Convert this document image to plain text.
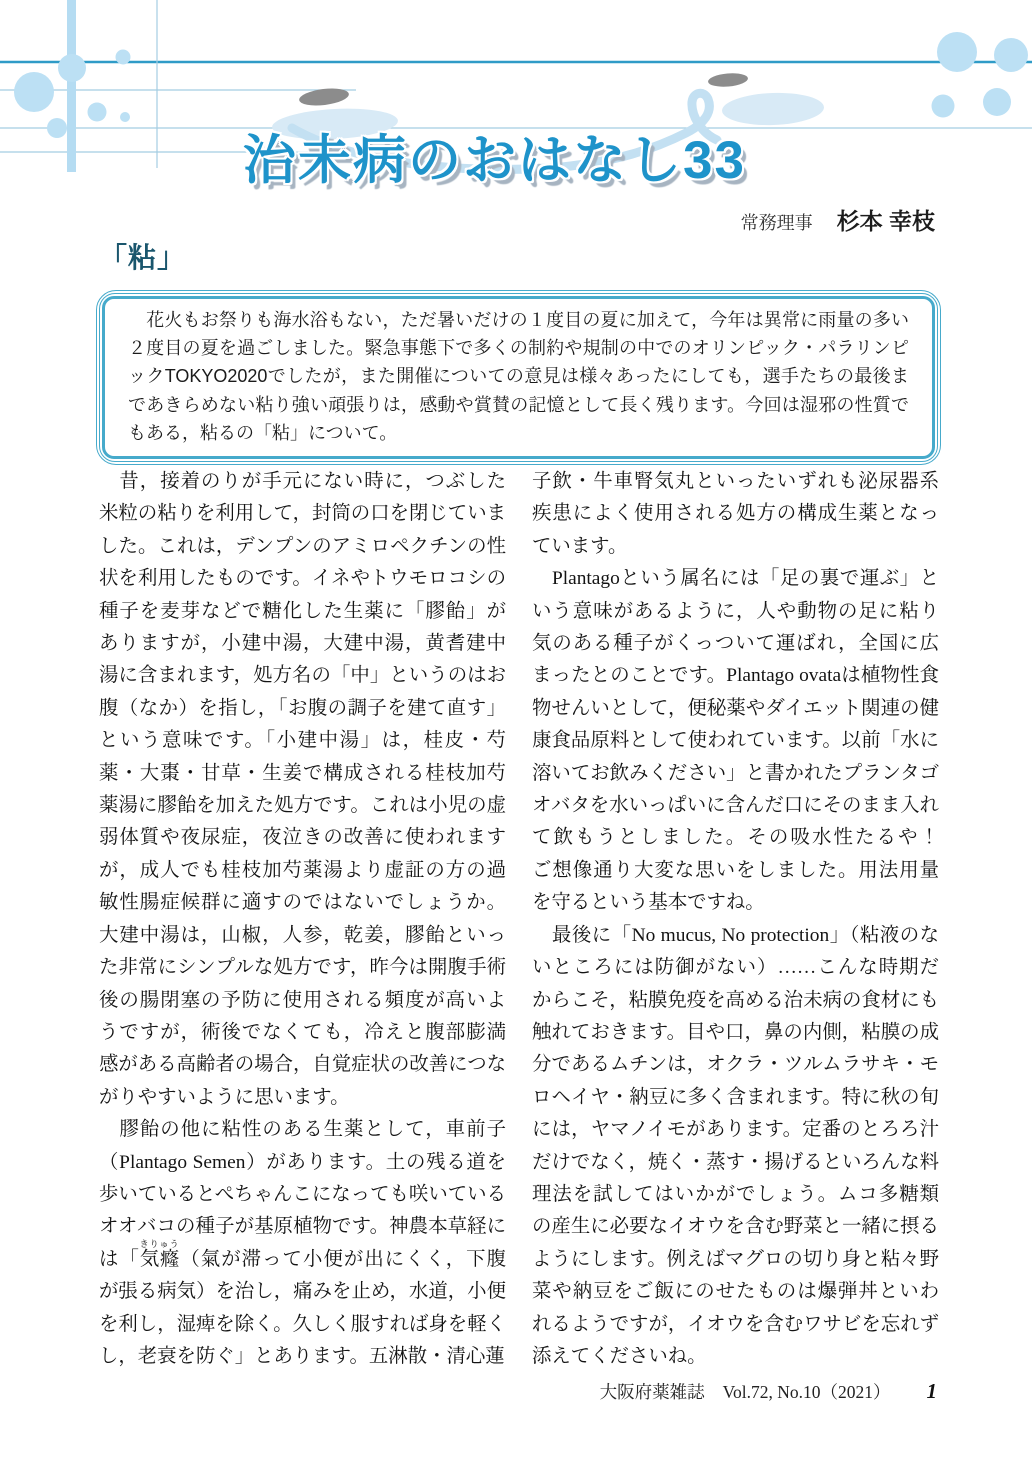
治未病のおはなし33
常務理事 杉本 幸枝
「粘」

　花火もお祭りも海水浴もない，ただ暑いだけの１度目の夏に加えて，今年は異常に雨量の多い２度目の夏を過ごしました。緊急事態下で多くの制約や規制の中でのオリンピック・パラリンピックTOKYO2020でしたが，また開催についての意見は様々あったにしても，選手たちの最後まであきらめない粘り強い頑張りは，感動や賞賛の記憶として長く残ります。今回は湿邪の性質でもある，粘るの「粘」について。

　昔，接着のりが手元にない時に，つぶした米粒の粘りを利用して，封筒の口を閉じていました。これは，デンプンのアミロペクチンの性状を利用したものです。イネやトウモロコシの種子を麦芽などで糖化した生薬に「膠飴」がありますが，小建中湯，大建中湯，黄耆建中湯に含まれます，処方名の「中」というのはお腹（なか）を指し，「お腹の調子を建て直す」という意味です。「小建中湯」は，桂皮・芍薬・大棗・甘草・生姜で構成される桂枝加芍薬湯に膠飴を加えた処方です。これは小児の虚弱体質や夜尿症，夜泣きの改善に使われますが，成人でも桂枝加芍薬湯より虚証の方の過敏性腸症候群に適すのではないでしょうか。大建中湯は，山椒，人参，乾姜，膠飴といった非常にシンプルな処方です，昨今は開腹手術後の腸閉塞の予防に使用される頻度が高いようですが，術後でなくても，冷えと腹部膨満感がある高齢者の場合，自覚症状の改善につながりやすいように思います。

　膠飴の他に粘性のある生薬として，車前子（Plantago Semen）があります。土の残る道を歩いているとぺちゃんこになっても咲いているオオバコの種子が基原植物です。神農本草経には「気癃きりゅう（氣が滞って小便が出にくく，下腹が張る病気）を治し，痛みを止め，水道，小便を利し，湿痺を除く。久しく服すれば身を軽くし，老衰を防ぐ」とあります。五淋散・清心蓮

子飲・牛車腎気丸といったいずれも泌尿器系疾患によく使用される処方の構成生薬となっています。

　Plantagoという属名には「足の裏で運ぶ」という意味があるように，人や動物の足に粘り気のある種子がくっついて運ばれ，全国に広まったとのことです。Plantago ovataは植物性食物せんいとして，便秘薬やダイエット関連の健康食品原料として使われています。以前「水に溶いてお飲みください」と書かれたプランタゴオバタを水いっぱいに含んだ口にそのまま入れて飲もうとしました。その吸水性たるや！　ご想像通り大変な思いをしました。用法用量を守るという基本ですね。

　最後に「No mucus, No protection」（粘液のないところには防御がない）……こんな時期だからこそ，粘膜免疫を高める治未病の食材にも触れておきます。目や口，鼻の内側，粘膜の成分であるムチンは，オクラ・ツルムラサキ・モロヘイヤ・納豆に多く含まれます。特に秋の旬には，ヤマノイモがあります。定番のとろろ汁だけでなく，焼く・蒸す・揚げるといろんな料理法を試してはいかがでしょう。ムコ多糖類の産生に必要なイオウを含む野菜と一緒に摂るようにします。例えばマグロの切り身と粘々野菜や納豆をご飯にのせたものは爆弾丼といわれるようですが，イオウを含むワサビを忘れず添えてくださいね。

大阪府薬雑誌 Vol.72, No.10（2021） 1
